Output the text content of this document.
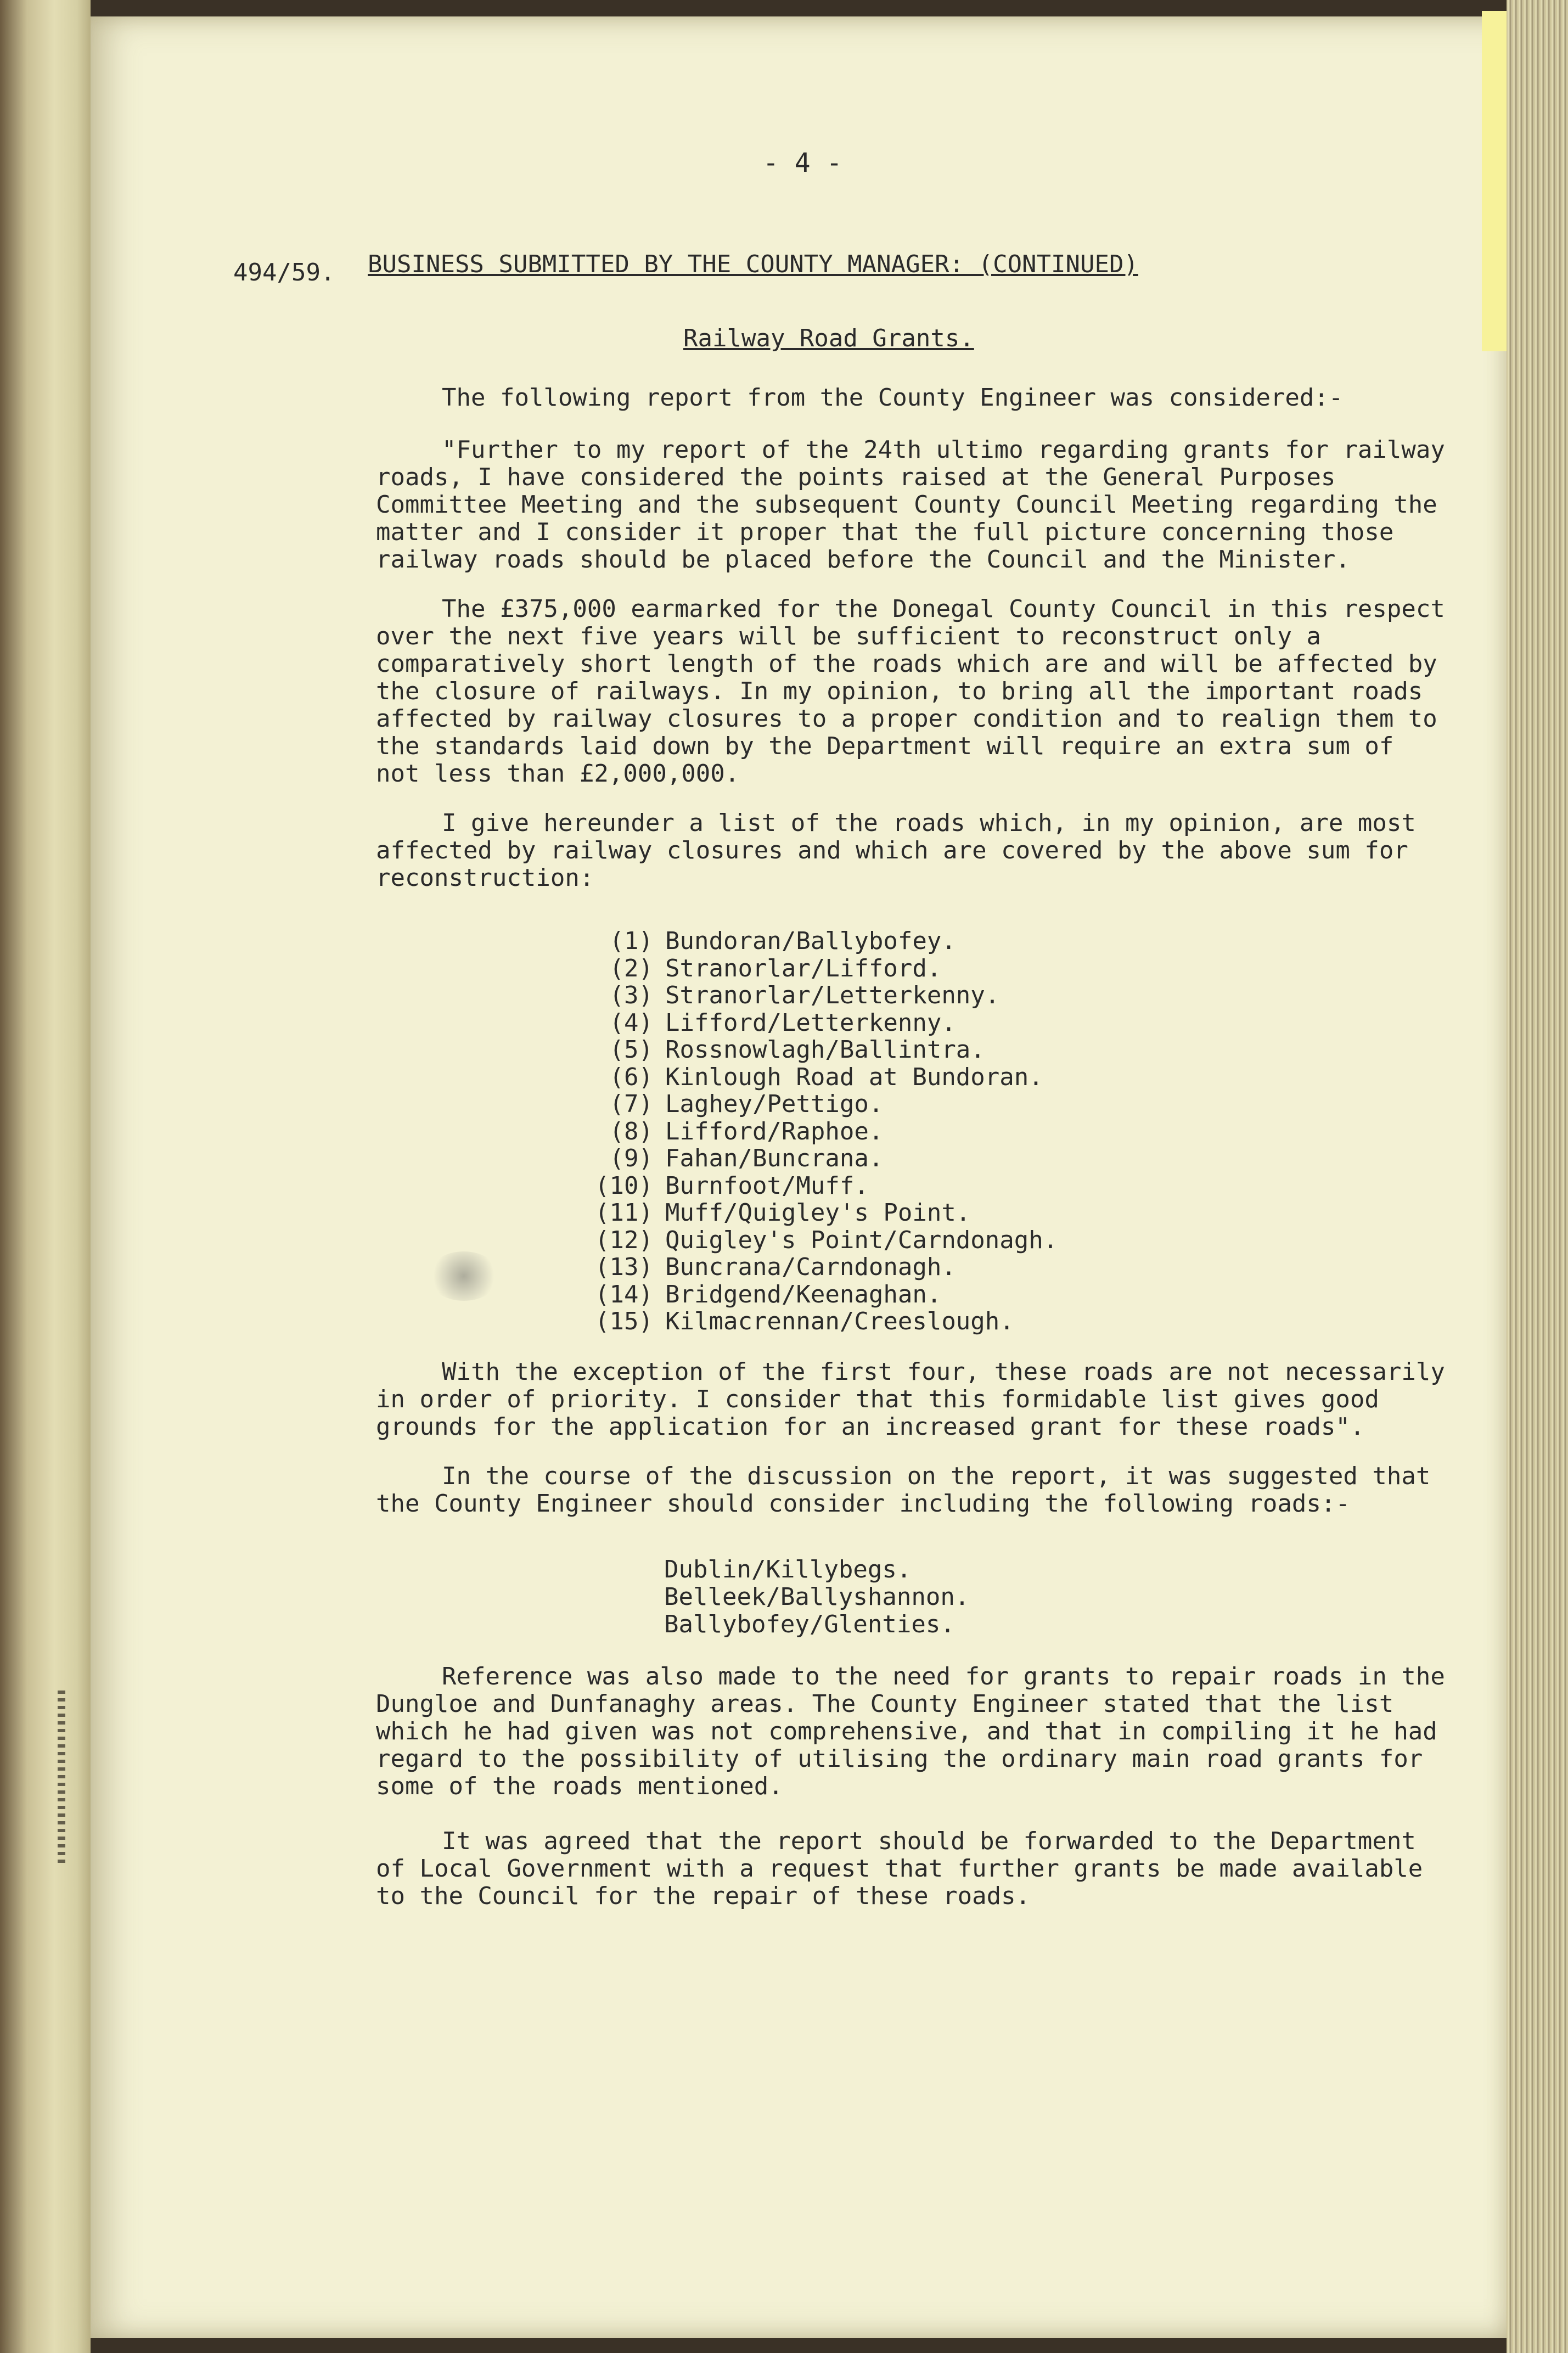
- 4 -
494/59. BUSINESS SUBMITTED BY THE COUNTY MANAGER: (CONTINUED)
Railway Road Grants.

The following report from the County Engineer was considered:-

"Further to my report of the 24th ultimo regarding grants for railway roads, I have considered the points raised at the General Purposes Committee Meeting and the subsequent County Council Meeting regarding the matter and I consider it proper that the full picture concerning those railway roads should be placed before the Council and the Minister.

The £375,000 earmarked for the Donegal County Council in this respect over the next five years will be sufficient to reconstruct only a comparatively short length of the roads which are and will be affected by the closure of railways. In my opinion, to bring all the important roads affected by railway closures to a proper condition and to realign them to the standards laid down by the Department will require an extra sum of not less than £2,000,000.

I give hereunder a list of the roads which, in my opinion, are most affected by railway closures and which are covered by the above sum for reconstruction:

(1) Bundoran/Ballybofey.
(2) Stranorlar/Lifford.
(3) Stranorlar/Letterkenny.
(4) Lifford/Letterkenny.
(5) Rossnowlagh/Ballintra.
(6) Kinlough Road at Bundoran.
(7) Laghey/Pettigo.
(8) Lifford/Raphoe.
(9) Fahan/Buncrana.
(10) Burnfoot/Muff.
(11) Muff/Quigley's Point.
(12) Quigley's Point/Carndonagh.
(13) Buncrana/Carndonagh.
(14) Bridgend/Keenaghan.
(15) Kilmacrennan/Creeslough.

With the exception of the first four, these roads are not necessarily in order of priority. I consider that this formidable list gives good grounds for the application for an increased grant for these roads".

In the course of the discussion on the report, it was suggested that the County Engineer should consider including the following roads:-

Dublin/Killybegs.
Belleek/Ballyshannon.
Ballybofey/Glenties.

Reference was also made to the need for grants to repair roads in the Dungloe and Dunfanaghy areas. The County Engineer stated that the list which he had given was not comprehensive, and that in compiling it he had regard to the possibility of utilising the ordinary main road grants for some of the roads mentioned.

It was agreed that the report should be forwarded to the Department of Local Government with a request that further grants be made available to the Council for the repair of these roads.
